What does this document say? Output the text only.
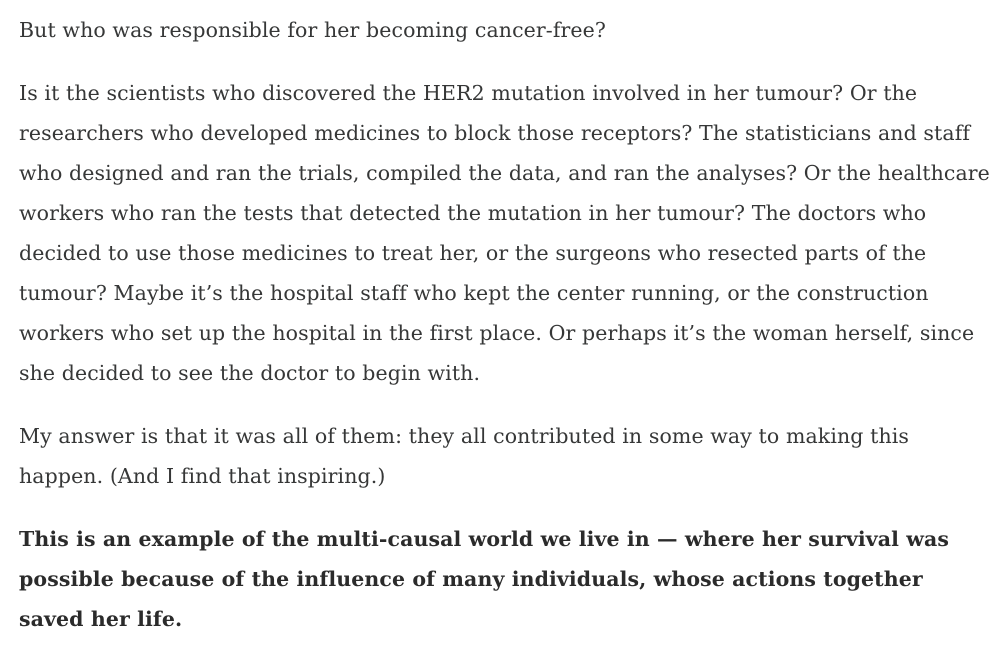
But who was responsible for her becoming cancer-free?

Is it the scientists who discovered the HER2 mutation involved in her tumour? Or the researchers who developed medicines to block those receptors? The statisticians and staff who designed and ran the trials, compiled the data, and ran the analyses? Or the healthcare workers who ran the tests that detected the mutation in her tumour? The doctors who decided to use those medicines to treat her, or the surgeons who resected parts of the tumour? Maybe it’s the hospital staff who kept the center running, or the construction workers who set up the hospital in the first place. Or perhaps it’s the woman herself, since she decided to see the doctor to begin with.

My answer is that it was all of them: they all contributed in some way to making this happen. (And I find that inspiring.)

This is an example of the multi-causal world we live in — where her survival was possible because of the influence of many individuals, whose actions together saved her life.
